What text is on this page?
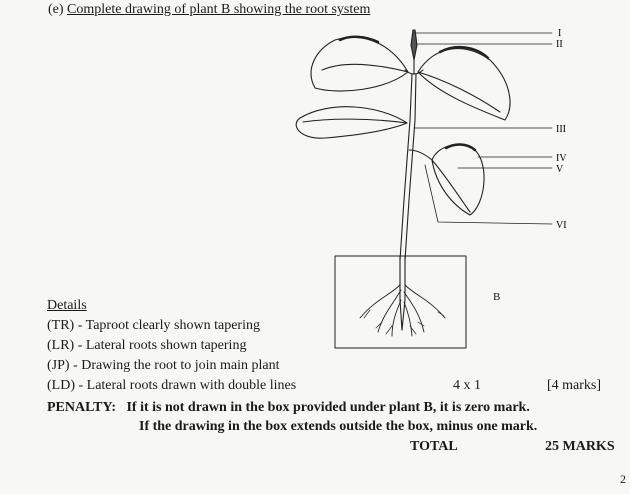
(e) Complete drawing of plant B showing the root system
I
II
III
IV
V
VI
B
Details
(TR) - Taproot clearly shown tapering
(LR) - Lateral roots shown tapering
(JP) - Drawing the root to join main plant
(LD) - Lateral roots drawn with double lines	4 x 1	[4 marks]
PENALTY:   If it is not drawn in the box provided under plant B, it is zero mark.
If the drawing in the box extends outside the box, minus one mark.
TOTAL	25 MARKS
2
